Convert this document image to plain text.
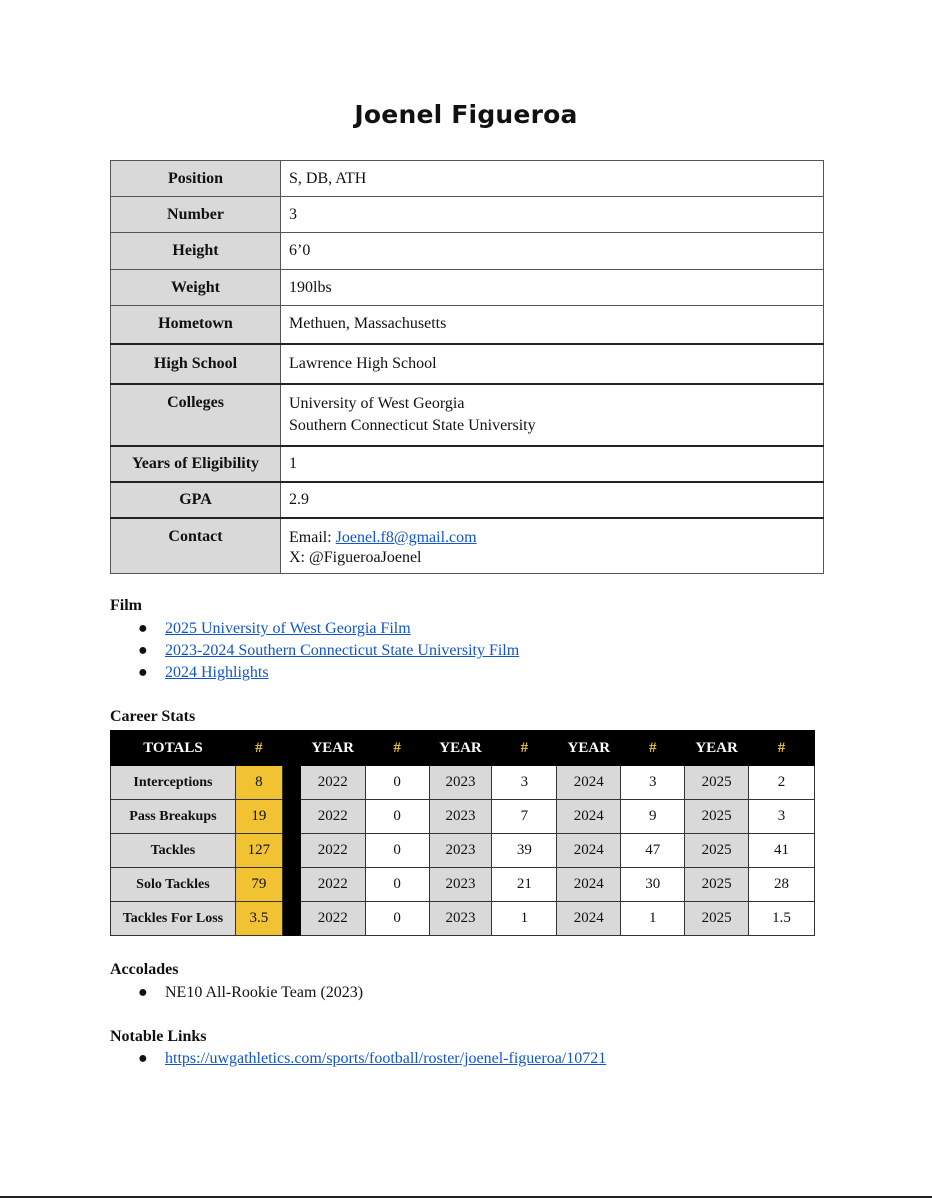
Joenel Figueroa
Position	S, DB, ATH
Number	3
Height	6’0
Weight	190lbs
Hometown	Methuen, Massachusetts
High School	Lawrence High School
Colleges	University of West Georgia
Southern Connecticut State University

Years of Eligibility	1
GPA	2.9
Contact	Email: Joenel.f8@gmail.com
X: @FigueroaJoenel
Film
● 2025 University of West Georgia Film
● 2023-2024 Southern Connecticut State University Film
● 2024 Highlights
Career Stats
TOTALS	#		YEAR	#	YEAR	#	YEAR	#	YEAR	#
Interceptions	8		2022	0	2023	3	2024	3	2025	2
Pass Breakups	19		2022	0	2023	7	2024	9	2025	3
Tackles	127		2022	0	2023	39	2024	47	2025	41
Solo Tackles	79		2022	0	2023	21	2024	30	2025	28
Tackles For Loss	3.5		2022	0	2023	1	2024	1	2025	1.5
Accolades
● NE10 All-Rookie Team (2023)
Notable Links
● https://uwgathletics.com/sports/football/roster/joenel-figueroa/10721
